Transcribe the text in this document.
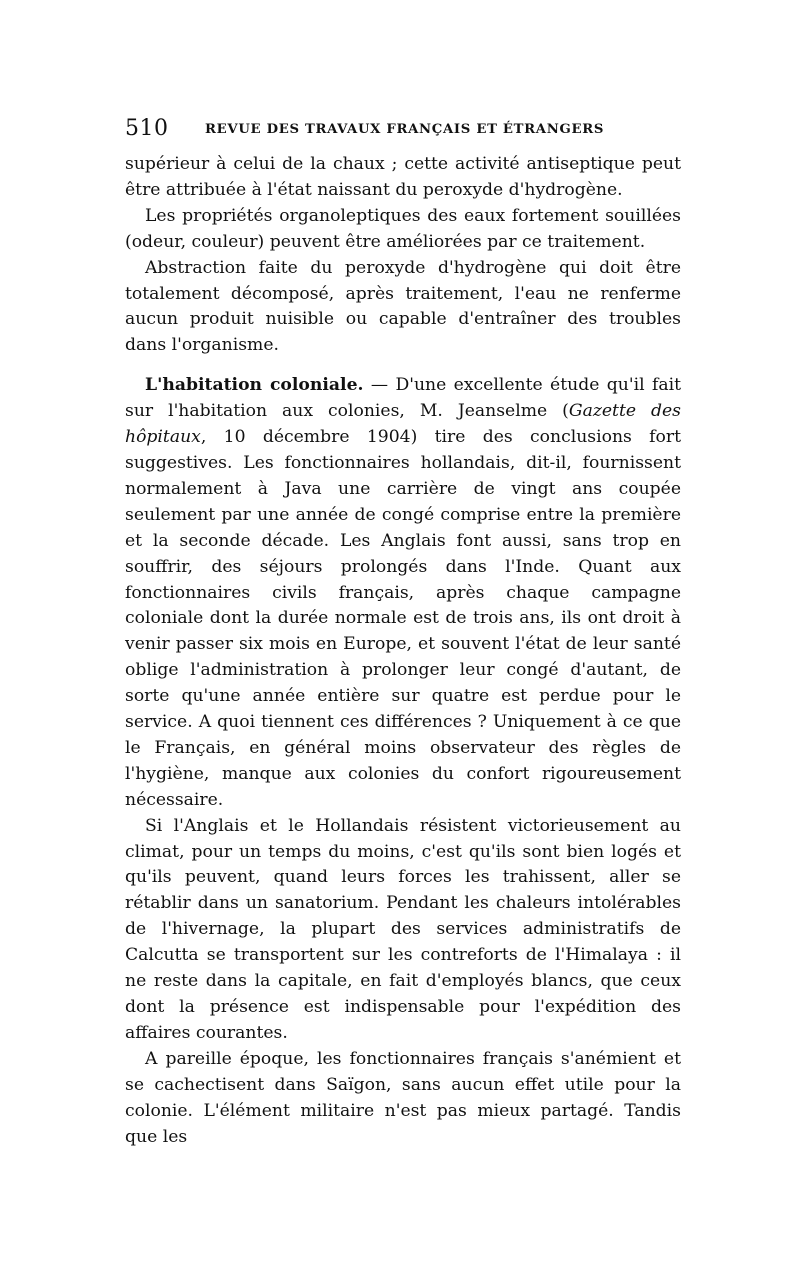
510	REVUE DES TRAVAUX FRANÇAIS ET ÉTRANGERS

supérieur à celui de la chaux ; cette activité antiseptique peut être attribuée à l'état naissant du peroxyde d'hydrogène.

Les propriétés organoleptiques des eaux fortement souillées (odeur, couleur) peuvent être améliorées par ce traitement.

Abstraction faite du peroxyde d'hydrogène qui doit être totalement décomposé, après traitement, l'eau ne renferme aucun produit nuisible ou capable d'entraîner des troubles dans l'organisme.

L'habitation coloniale. — D'une excellente étude qu'il fait sur l'habitation aux colonies, M. Jeanselme (Gazette des hôpitaux, 10 décembre 1904) tire des conclusions fort suggestives. Les fonctionnaires hollandais, dit-il, fournissent normalement à Java une carrière de vingt ans coupée seulement par une année de congé comprise entre la première et la seconde décade. Les Anglais font aussi, sans trop en souffrir, des séjours prolongés dans l'Inde. Quant aux fonctionnaires civils français, après chaque campagne coloniale dont la durée normale est de trois ans, ils ont droit à venir passer six mois en Europe, et souvent l'état de leur santé oblige l'administration à prolonger leur congé d'autant, de sorte qu'une année entière sur quatre est perdue pour le service. A quoi tiennent ces différences ? Uniquement à ce que le Français, en général moins observateur des règles de l'hygiène, manque aux colonies du confort rigoureusement nécessaire.

Si l'Anglais et le Hollandais résistent victorieusement au climat, pour un temps du moins, c'est qu'ils sont bien logés et qu'ils peuvent, quand leurs forces les trahissent, aller se rétablir dans un sanatorium. Pendant les chaleurs intolérables de l'hivernage, la plupart des services administratifs de Calcutta se transportent sur les contreforts de l'Himalaya : il ne reste dans la capitale, en fait d'employés blancs, que ceux dont la présence est indispensable pour l'expédition des affaires courantes.

A pareille époque, les fonctionnaires français s'anémient et se cachectisent dans Saïgon, sans aucun effet utile pour la colonie. L'élément militaire n'est pas mieux partagé. Tandis que les
